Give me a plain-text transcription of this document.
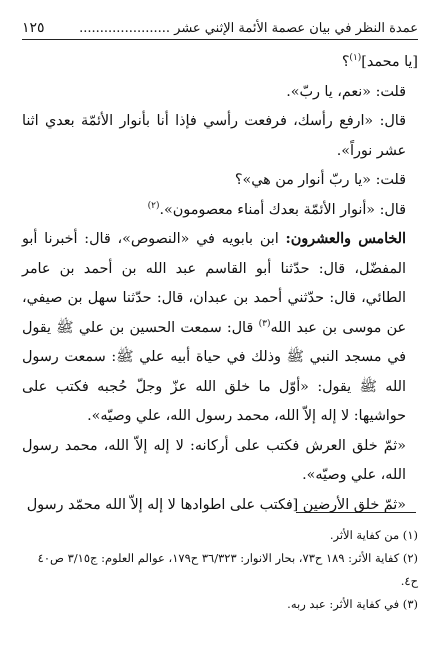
عمدة النظر في بيان عصمة الأئمة الإثني عشر ......................
١٢٥

[يا محمد]$^{(١)}$؟

قلت: «نعم، يا ربّ».

قال: «ارفع رأسك، فرفعت رأسي فإذا أنا بأنوار الأئمّة بعدي اثنا عشر نوراً».

قلت: «يا ربّ أنوار من هي»؟

قال: «أنوار الأئمّة بعدك أمناء معصومون».$^{(٢)}$

الخامس والعشرون: ابن بابويه في «النصوص»، قال: أخبرنا أبو المفضّل، قال: حدّثنا أبو القاسم عبد الله بن أحمد بن عامر الطائي، قال: حدّثني أحمد بن عبدان، قال: حدّثنا سهل بن صيفي، عن موسى بن عبد الله$^{(٣)}$ قال: سمعت الحسين بن علي ﷺ يقول في مسجد النبي ﷺ وذلك في حياة أبيه علي ﷺ: سمعت رسول الله ﷺ يقول: «أوّل ما خلق الله عزّ وجلّ حُجبه فكتب على حواشيها: لا إله إلاّ الله، محمد رسول الله، علي وصيّه».

«ثمّ خلق العرش فكتب على أركانه: لا إله إلاّ الله، محمد رسول الله، علي وصيّه».

«ثمّ خلق الأرضين [فكتب على اطوادها لا إله إلاّ الله محمّد رسول

(١) من كفاية الأثر.

(٢) كفاية الأثر: ١٨٩ ح٧٣، بحار الانوار: ٣٦/٣٢٣ ح١٧٩، عوالم العلوم: ج٣/١٥ ص٤٠ ح٤.

(٣) في كفاية الأثر: عبد ربه.
